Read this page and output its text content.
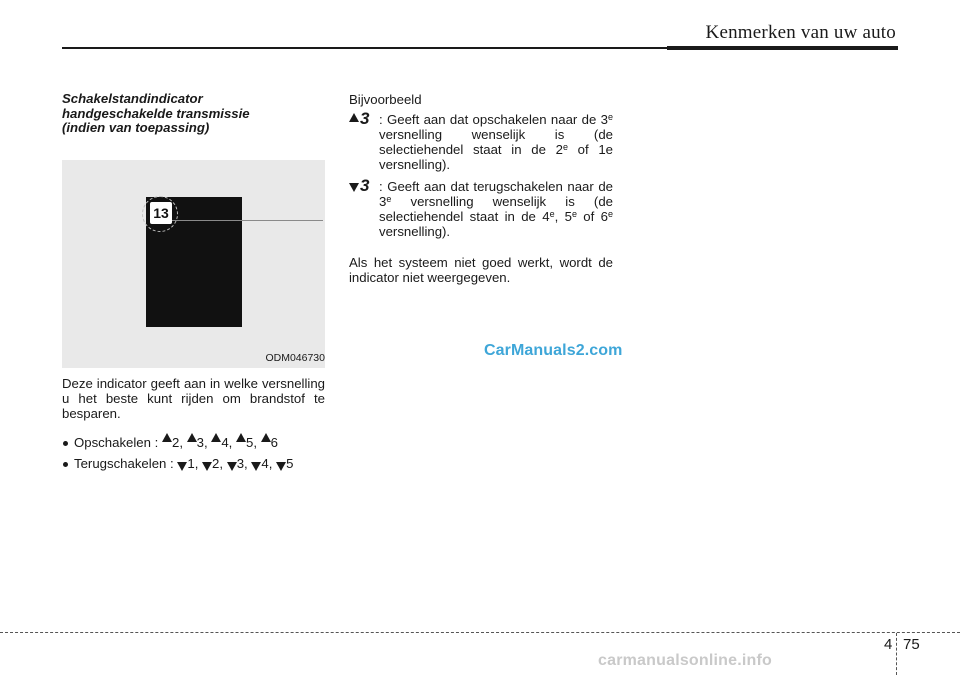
Kenmerken van uw auto
Schakelstandindicator
handgeschakelde transmissie
(indien van toepassing)
13
ODM046730

Deze indicator geeft aan in welke versnelling u het beste kunt rijden om brandstof te besparen.

Opschakelen : 2, 3, 4, 5, 6
Terugschakelen : 1, 2, 3, 4, 5

Bijvoorbeeld

3 : Geeft aan dat opschakelen naar de 3e versnelling wenselijk is (de selectiehendel staat in de 2e of 1e versnelling).

3 : Geeft aan dat terugschakelen naar de 3e versnelling wenselijk is (de selectiehendel staat in de 4e, 5e of 6e versnelling).

Als het systeem niet goed werkt, wordt de indicator niet weergegeven.

CarManuals2.com
4 75
carmanualsonline.info
